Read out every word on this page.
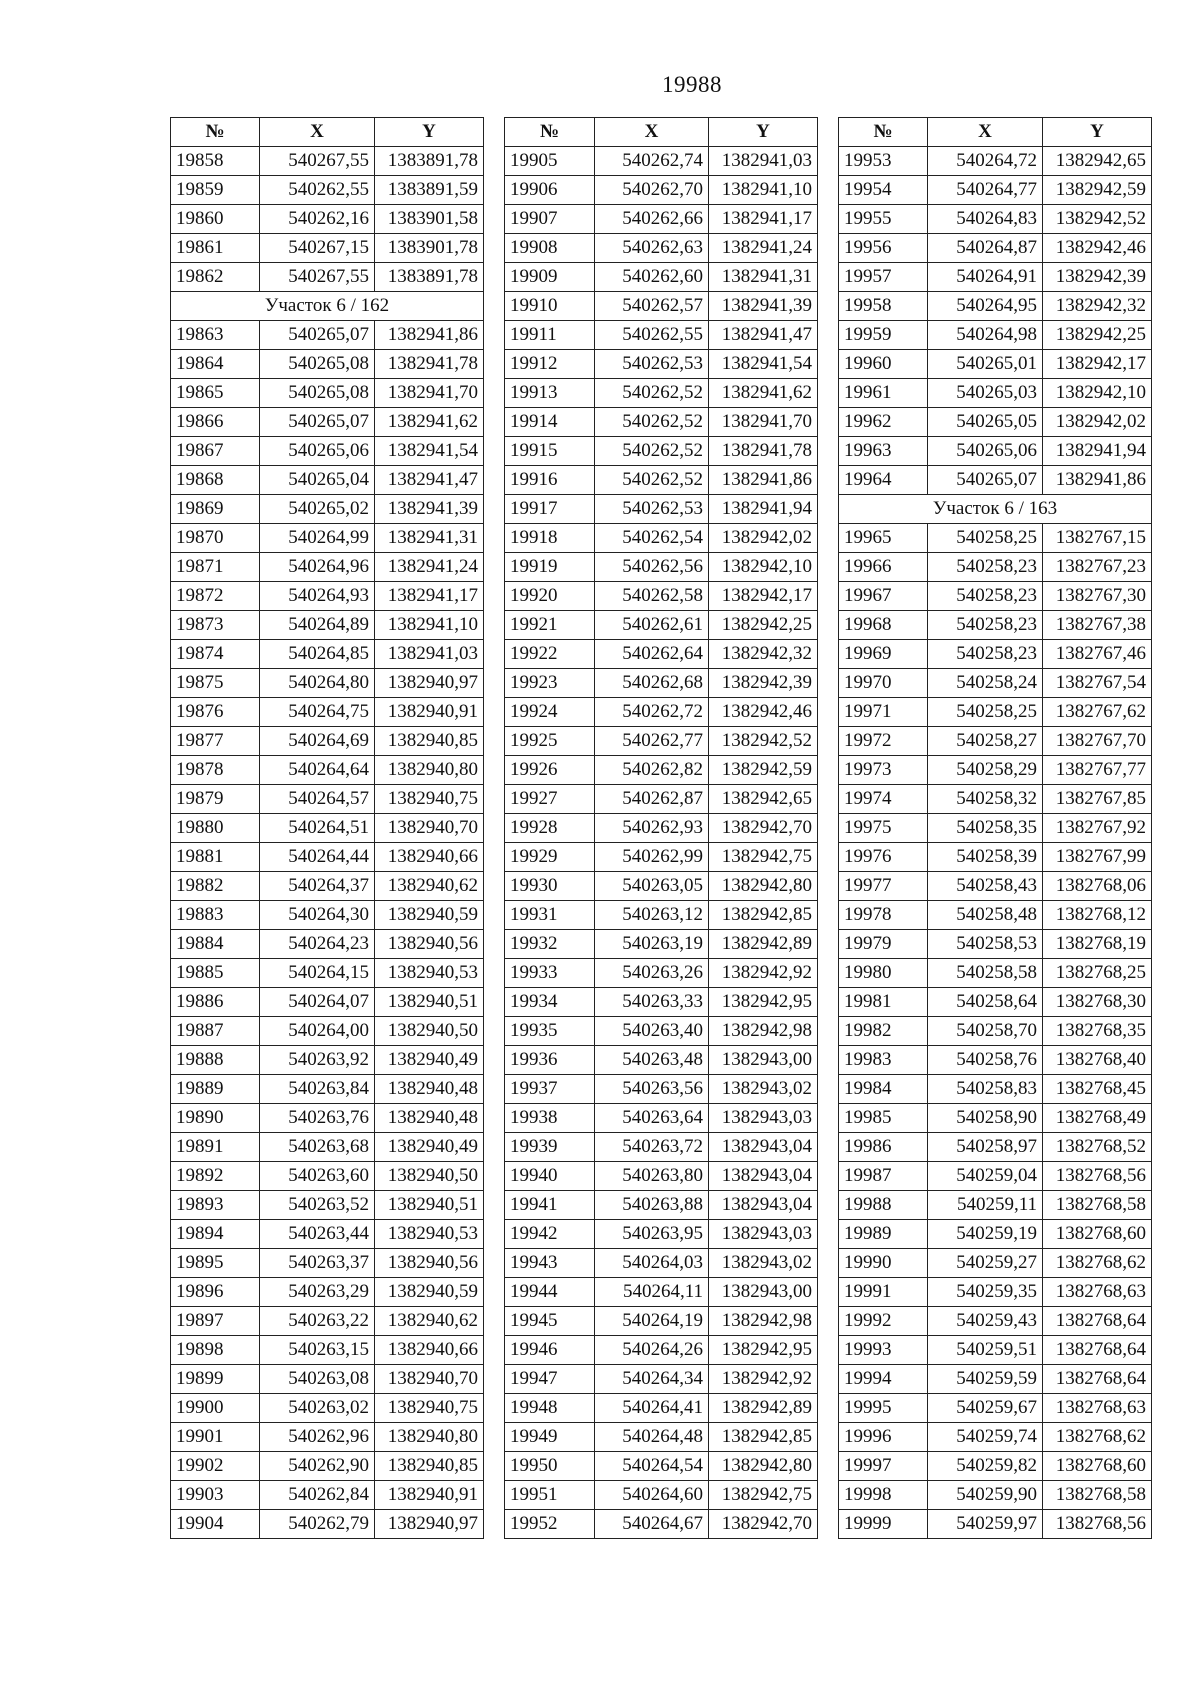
19988
№	X	Y
19858	540267,55	1383891,78
19859	540262,55	1383891,59
19860	540262,16	1383901,58
19861	540267,15	1383901,78
19862	540267,55	1383891,78
Участок 6 / 162		
19863	540265,07	1382941,86
19864	540265,08	1382941,78
19865	540265,08	1382941,70
19866	540265,07	1382941,62
19867	540265,06	1382941,54
19868	540265,04	1382941,47
19869	540265,02	1382941,39
19870	540264,99	1382941,31
19871	540264,96	1382941,24
19872	540264,93	1382941,17
19873	540264,89	1382941,10
19874	540264,85	1382941,03
19875	540264,80	1382940,97
19876	540264,75	1382940,91
19877	540264,69	1382940,85
19878	540264,64	1382940,80
19879	540264,57	1382940,75
19880	540264,51	1382940,70
19881	540264,44	1382940,66
19882	540264,37	1382940,62
19883	540264,30	1382940,59
19884	540264,23	1382940,56
19885	540264,15	1382940,53
19886	540264,07	1382940,51
19887	540264,00	1382940,50
19888	540263,92	1382940,49
19889	540263,84	1382940,48
19890	540263,76	1382940,48
19891	540263,68	1382940,49
19892	540263,60	1382940,50
19893	540263,52	1382940,51
19894	540263,44	1382940,53
19895	540263,37	1382940,56
19896	540263,29	1382940,59
19897	540263,22	1382940,62
19898	540263,15	1382940,66
19899	540263,08	1382940,70
19900	540263,02	1382940,75
19901	540262,96	1382940,80
19902	540262,90	1382940,85
19903	540262,84	1382940,91
19904	540262,79	1382940,97
№	X	Y
19905	540262,74	1382941,03
19906	540262,70	1382941,10
19907	540262,66	1382941,17
19908	540262,63	1382941,24
19909	540262,60	1382941,31
19910	540262,57	1382941,39
19911	540262,55	1382941,47
19912	540262,53	1382941,54
19913	540262,52	1382941,62
19914	540262,52	1382941,70
19915	540262,52	1382941,78
19916	540262,52	1382941,86
19917	540262,53	1382941,94
19918	540262,54	1382942,02
19919	540262,56	1382942,10
19920	540262,58	1382942,17
19921	540262,61	1382942,25
19922	540262,64	1382942,32
19923	540262,68	1382942,39
19924	540262,72	1382942,46
19925	540262,77	1382942,52
19926	540262,82	1382942,59
19927	540262,87	1382942,65
19928	540262,93	1382942,70
19929	540262,99	1382942,75
19930	540263,05	1382942,80
19931	540263,12	1382942,85
19932	540263,19	1382942,89
19933	540263,26	1382942,92
19934	540263,33	1382942,95
19935	540263,40	1382942,98
19936	540263,48	1382943,00
19937	540263,56	1382943,02
19938	540263,64	1382943,03
19939	540263,72	1382943,04
19940	540263,80	1382943,04
19941	540263,88	1382943,04
19942	540263,95	1382943,03
19943	540264,03	1382943,02
19944	540264,11	1382943,00
19945	540264,19	1382942,98
19946	540264,26	1382942,95
19947	540264,34	1382942,92
19948	540264,41	1382942,89
19949	540264,48	1382942,85
19950	540264,54	1382942,80
19951	540264,60	1382942,75
19952	540264,67	1382942,70
№	X	Y
19953	540264,72	1382942,65
19954	540264,77	1382942,59
19955	540264,83	1382942,52
19956	540264,87	1382942,46
19957	540264,91	1382942,39
19958	540264,95	1382942,32
19959	540264,98	1382942,25
19960	540265,01	1382942,17
19961	540265,03	1382942,10
19962	540265,05	1382942,02
19963	540265,06	1382941,94
19964	540265,07	1382941,86
Участок 6 / 163		
19965	540258,25	1382767,15
19966	540258,23	1382767,23
19967	540258,23	1382767,30
19968	540258,23	1382767,38
19969	540258,23	1382767,46
19970	540258,24	1382767,54
19971	540258,25	1382767,62
19972	540258,27	1382767,70
19973	540258,29	1382767,77
19974	540258,32	1382767,85
19975	540258,35	1382767,92
19976	540258,39	1382767,99
19977	540258,43	1382768,06
19978	540258,48	1382768,12
19979	540258,53	1382768,19
19980	540258,58	1382768,25
19981	540258,64	1382768,30
19982	540258,70	1382768,35
19983	540258,76	1382768,40
19984	540258,83	1382768,45
19985	540258,90	1382768,49
19986	540258,97	1382768,52
19987	540259,04	1382768,56
19988	540259,11	1382768,58
19989	540259,19	1382768,60
19990	540259,27	1382768,62
19991	540259,35	1382768,63
19992	540259,43	1382768,64
19993	540259,51	1382768,64
19994	540259,59	1382768,64
19995	540259,67	1382768,63
19996	540259,74	1382768,62
19997	540259,82	1382768,60
19998	540259,90	1382768,58
19999	540259,97	1382768,56
